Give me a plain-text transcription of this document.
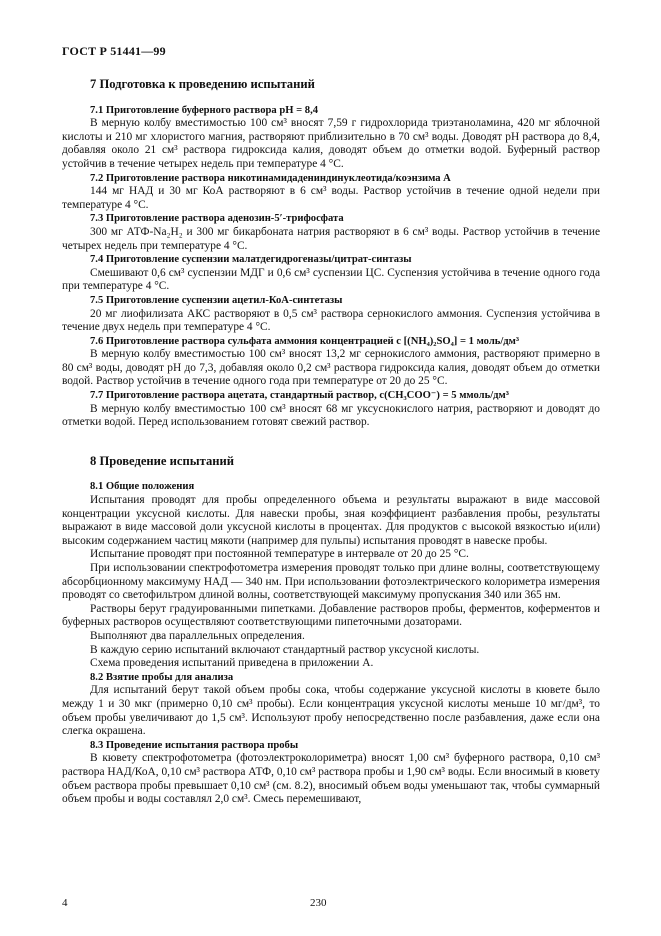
ГОСТ Р 51441—99
7 Подготовка к проведению испытаний
7.1 Приготовление буферного раствора pH = 8,4

В мерную колбу вместимостью 100 см³ вносят 7,59 г гидрохлорида триэтаноламина, 420 мг яблочной кислоты и 210 мг хлористого магния, растворяют приблизительно в 70 см³ воды. Доводят pH раствора до 8,4, добавляя около 21 см³ раствора гидроксида калия, доводят объем до отметки водой. Буферный раствор устойчив в течение четырех недель при температуре 4 °C.

7.2 Приготовление раствора никотинамидадениндинуклеотида/коэнзима А

144 мг НАД и 30 мг КоА растворяют в 6 см³ воды. Раствор устойчив в течение одной недели при температуре 4 °C.

7.3 Приготовление раствора аденозин-5′-трифосфата

300 мг АТФ-Na₂H₂ и 300 мг бикарбоната натрия растворяют в 6 см³ воды. Раствор устойчив в течение четырех недель при температуре 4 °C.

7.4 Приготовление суспензии малатдегидрогеназы/цитрат-синтазы

Смешивают 0,6 см³ суспензии МДГ и 0,6 см³ суспензии ЦС. Суспензия устойчива в течение одного года при температуре 4 °C.

7.5 Приготовление суспензии ацетил-КоА-синтетазы

20 мг лиофилизата АКС растворяют в 0,5 см³ раствора сернокислого аммония. Суспензия устойчива в течение двух недель при температуре 4 °C.

7.6 Приготовление раствора сульфата аммония концентрацией c [(NH₄)₂SO₄] = 1 моль/дм³

В мерную колбу вместимостью 100 см³ вносят 13,2 мг сернокислого аммония, растворяют примерно в 80 см³ воды, доводят pH до 7,3, добавляя около 0,2 см³ раствора гидроксида калия, доводят объем до отметки водой. Раствор устойчив в течение одного года при температуре от 20 до 25 °C.

7.7 Приготовление раствора ацетата, стандартный раствор, c(CH₃COO⁻) = 5 ммоль/дм³

В мерную колбу вместимостью 100 см³ вносят 68 мг уксуснокислого натрия, растворяют и доводят до отметки водой. Перед использованием готовят свежий раствор.

8 Проведение испытаний
8.1 Общие положения

Испытания проводят для пробы определенного объема и результаты выражают в виде массовой концентрации уксусной кислоты. Для навески пробы, зная коэффициент разбавления пробы, результаты выражают в виде массовой доли уксусной кислоты в процентах. Для продуктов с высокой вязкостью и(или) высоким содержанием частиц мякоти (например для пульпы) испытания проводят в навеске пробы.

Испытание проводят при постоянной температуре в интервале от 20 до 25 °C.

При использовании спектрофотометра измерения проводят только при длине волны, соответствующему абсорбционному максимуму НАД — 340 нм. При использовании фотоэлектрического колориметра измерения проводят со светофильтром длиной волны, соответствующей максимуму пропускания 340 или 365 нм.

Растворы берут градуированными пипетками. Добавление растворов пробы, ферментов, коферментов и буферных растворов осуществляют соответствующими пипеточными дозаторами.

Выполняют два параллельных определения.

В каждую серию испытаний включают стандартный раствор уксусной кислоты.

Схема проведения испытаний приведена в приложении А.

8.2 Взятие пробы для анализа

Для испытаний берут такой объем пробы сока, чтобы содержание уксусной кислоты в кювете было между 1 и 30 мкг (примерно 0,10 см³ пробы). Если концентрация уксусной кислоты меньше 10 мг/дм³, то объем пробы увеличивают до 1,5 см³. Используют пробу непосредственно после разбавления, даже если она слегка окрашена.

8.3 Проведение испытания раствора пробы

В кювету спектрофотометра (фотоэлектроколориметра) вносят 1,00 см³ буферного раствора, 0,10 см³ раствора НАД/КоА, 0,10 см³ раствора АТФ, 0,10 см³ раствора пробы и 1,90 см³ воды. Если вносимый в кювету объем раствора пробы превышает 0,10 см³ (см. 8.2), вносимый объем воды уменьшают так, чтобы суммарный объем пробы и воды составлял 2,0 см³. Смесь перемешивают,

4	230
